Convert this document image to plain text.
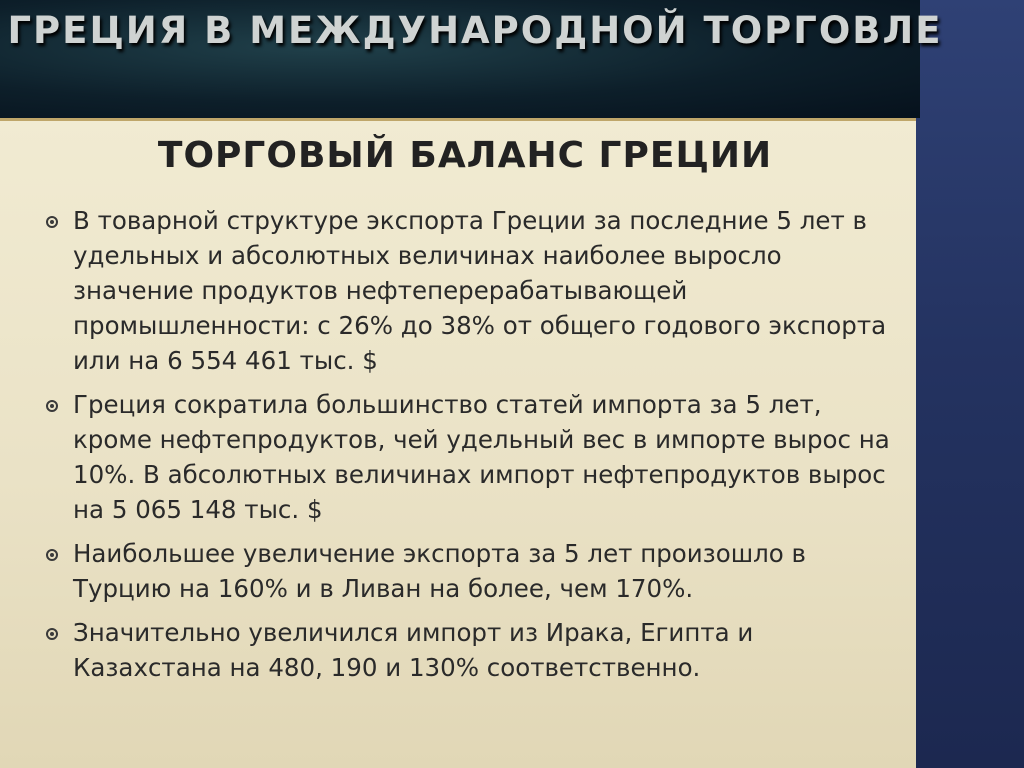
ГРЕЦИЯ В МЕЖДУНАРОДНОЙ ТОРГОВЛЕ
ТОРГОВЫЙ БАЛАНС ГРЕЦИИ
В товарной структуре экспорта Греции за последние 5 лет в удельных и абсолютных величинах наиболее выросло значение продуктов нефтеперерабатывающей промышленности: с 26% до 38% от общего годового экспорта или на 6 554 461 тыс. $
Греция сократила большинство статей импорта за 5 лет, кроме нефтепродуктов, чей удельный вес в импорте вырос на 10%. В абсолютных величинах импорт нефтепродуктов вырос на 5 065 148 тыс. $
Наибольшее увеличение экспорта за 5 лет произошло в Турцию на 160% и в Ливан на более, чем 170%.
Значительно увеличился импорт из Ирака, Египта и Казахстана на 480, 190 и 130% соответственно.
